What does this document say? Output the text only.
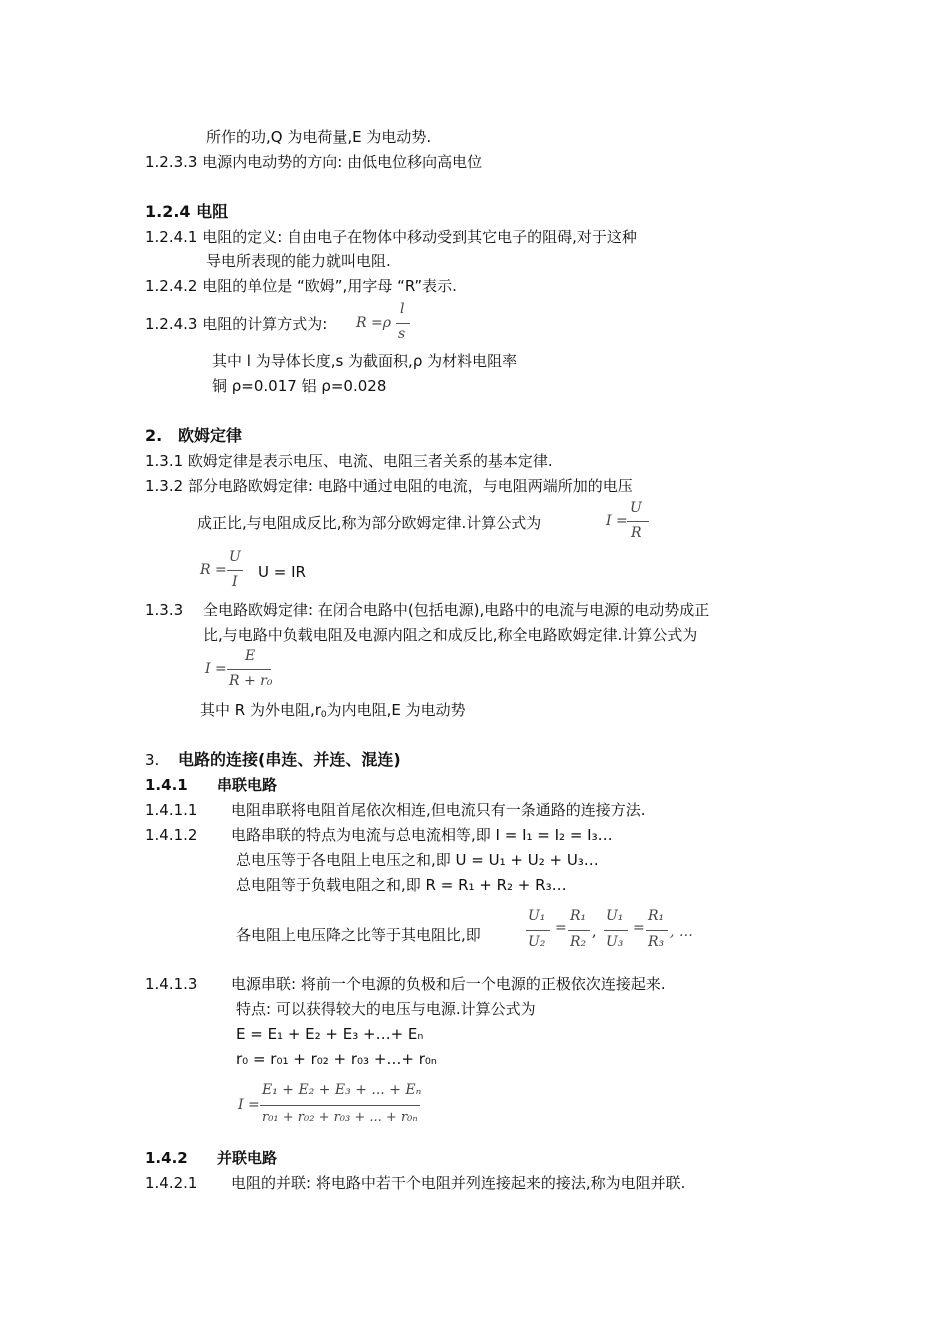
所作的功,Q 为电荷量,E 为电动势.
1.2.3.3 电源内电动势的方向: 由低电位移向高电位
1.2.4 电阻
1.2.4.1 电阻的定义: 自由电子在物体中移动受到其它电子的阻碍,对于这种
导电所表现的能力就叫电阻.
1.2.4.2 电阻的单位是 “欧姆”,用字母 “R”表示.
1.2.4.3 电阻的计算方式为: R =ρ
l
s
其中 l 为导体长度,s 为截面积,ρ 为材料电阻率
铜 ρ=0.017 铝 ρ=0.028
2. 欧姆定律
1.3.1 欧姆定律是表示电压、电流、电阻三者关系的基本定律.
1.3.2 部分电路欧姆定律: 电路中通过电阻的电流，与电阻两端所加的电压
成正比,与电阻成反比,称为部分欧姆定律.计算公式为	I =
U
R
R =
U
I
U = IR
1.3.3 全电路欧姆定律: 在闭合电路中(包括电源),电路中的电流与电源的电动势成正
比,与电路中负载电阻及电源内阻之和成反比,称全电路欧姆定律.计算公式为
I =
E
R + r₀
其中 R 为外电阻$,r_0$为内电阻,E 为电动势
3. 电路的连接(串连、并连、混连)
1.4.1 串联电路
1.4.1.1 电阻串联将电阻首尾依次相连,但电流只有一条通路的连接方法.
1.4.1.2 电路串联的特点为电流与总电流相等,即 I = I₁ = I₂ = I₃…
总电压等于各电阻上电压之和,即 U = U₁ + U₂ + U₃…
总电阻等于负载电阻之和,即 R = R₁ + R₂ + R₃…
各电阻上电压降之比等于其电阻比,即
U₁
U₂
=
R₁
R₂
,
U₁
U₃
=
R₁
R₃
, …
1.4.1.3 电源串联: 将前一个电源的负极和后一个电源的正极依次连接起来.
特点: 可以获得较大的电压与电源.计算公式为
E = E₁ + E₂ + E₃ +…+ Eₙ
r₀ = r₀₁ + r₀₂ + r₀₃ +…+ r₀ₙ
I =
E₁ + E₂ + E₃ + ... + Eₙ
r₀₁ + r₀₂ + r₀₃ + ... + r₀ₙ
1.4.2 并联电路
1.4.2.1 电阻的并联: 将电路中若干个电阻并列连接起来的接法,称为电阻并联.
